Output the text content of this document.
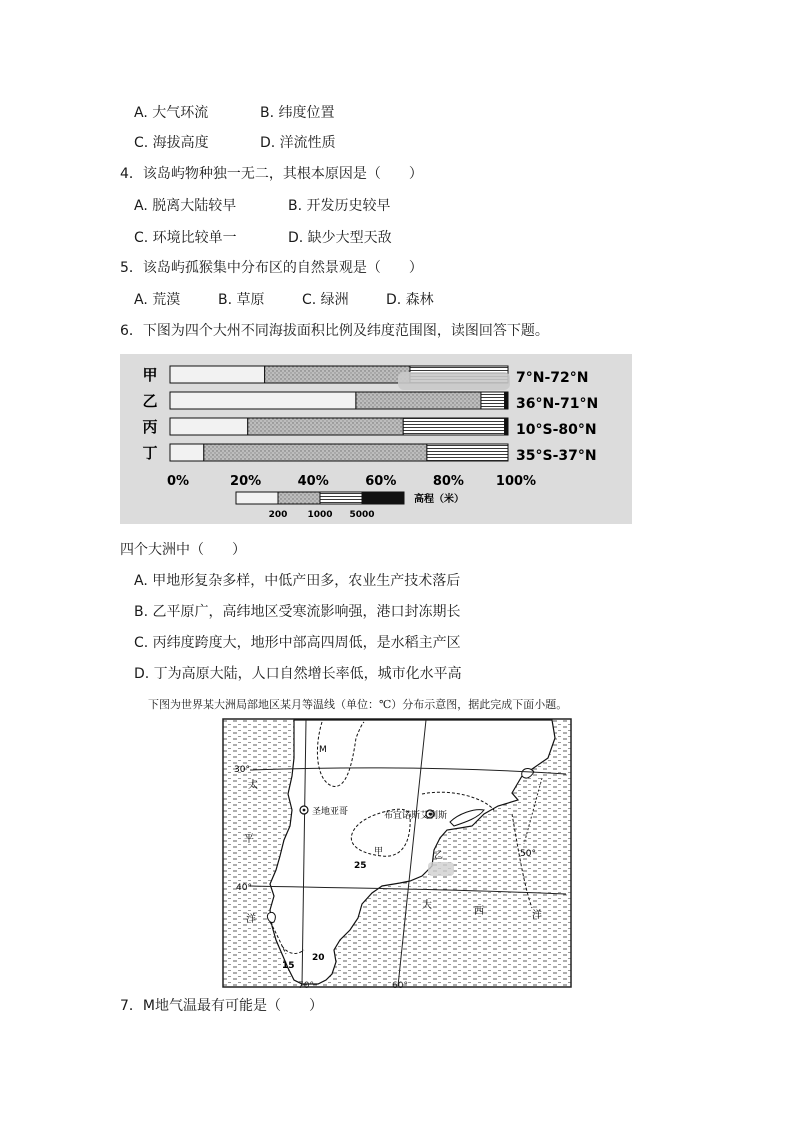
A. 大气环流	B. 纬度位置
C. 海拔高度	D. 洋流性质
4．该岛屿物种独一无二，其根本原因是（　　）
A. 脱离大陆较早	B. 开发历史较早
C. 环境比较单一	D. 缺少大型天敌
5．该岛屿孤猴集中分布区的自然景观是（　　）
A. 荒漠	B. 草原	C. 绿洲	D. 森林
6．下图为四个大州不同海拔面积比例及纬度范围图，读图回答下题。
甲
乙
丙
丁
7°N-72°N
36°N-71°N
10°S-80°N
35°S-37°N
0%	20%	40%	60%	80% 100%
200 1000 5000
高程（米）
四个大洲中（　　）
A. 甲地形复杂多样，中低产田多，农业生产技术落后
B. 乙平原广，高纬地区受寒流影响强，港口封冻期长
C. 丙纬度跨度大，地形中部高四周低，是水稻主产区
D. 丁为高原大陆，人口自然增长率低，城市化水平高
下图为世界某大洲局部地区某月等温线（单位：℃）分布示意图，据此完成下面小题。
30°
40°
M
圣地亚哥	布宜诺斯艾利斯
甲	乙
25
20
15
太
平
洋
大
西	洋
50°
70°	60°
7．M地气温最有可能是（　　）
